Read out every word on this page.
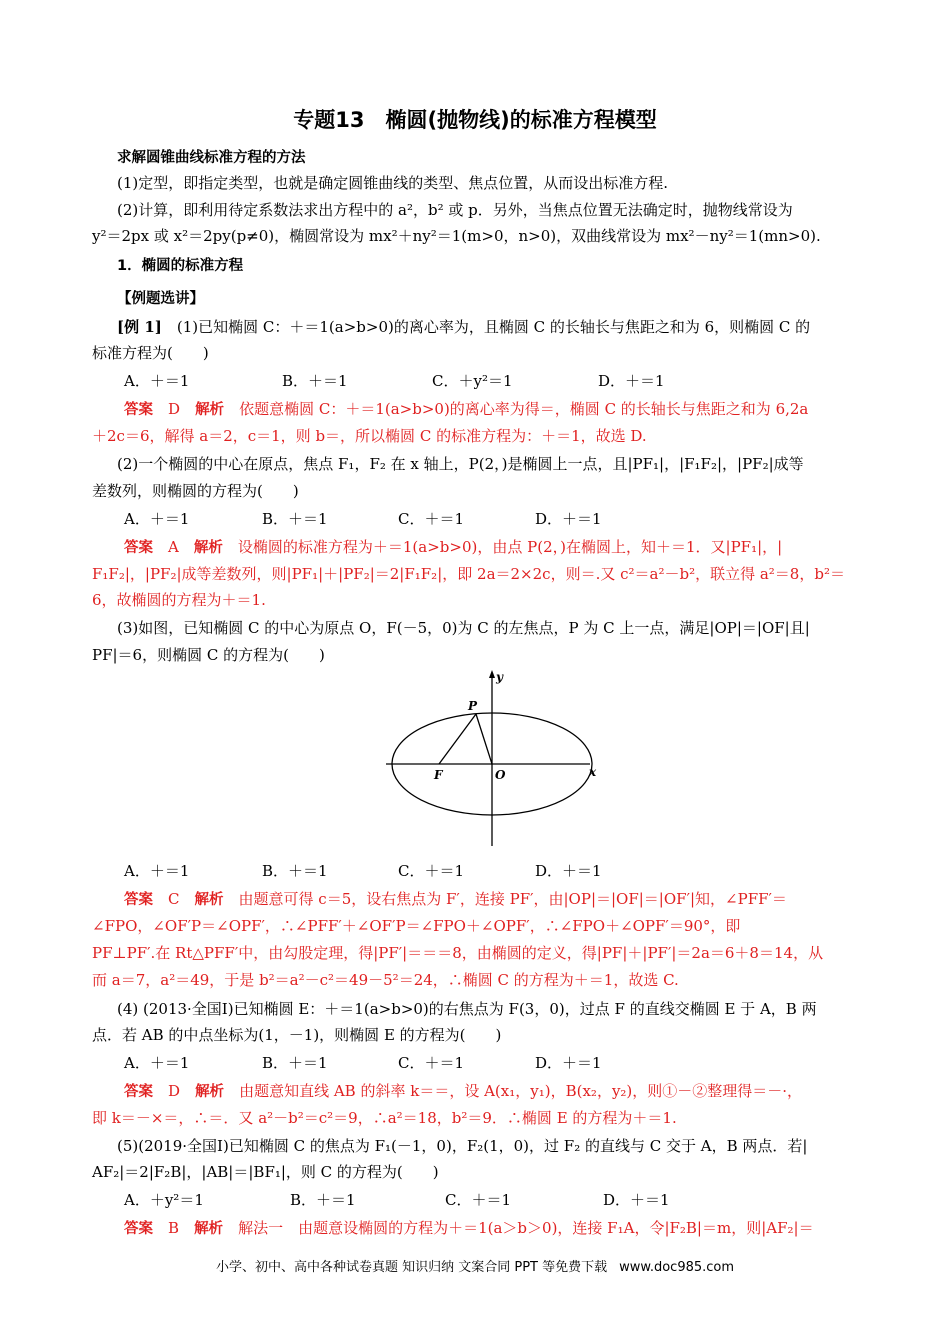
专题13　椭圆(抛物线)的标准方程模型
求解圆锥曲线标准方程的方法
(1)定型，即指定类型，也就是确定圆锥曲线的类型、焦点位置，从而设出标准方程.
(2)计算，即利用待定系数法求出方程中的 a²，b² 或 p．另外，当焦点位置无法确定时，抛物线常设为
y²＝2px 或 x²＝2py(p≠0)，椭圆常设为 mx²＋ny²＝1(m>0，n>0)，双曲线常设为 mx²－ny²＝1(mn>0).
1．椭圆的标准方程
【例题选讲】
[例 1]　 (1)已知椭圆 C：＋＝1(a>b>0)的离心率为，且椭圆 C 的长轴长与焦距之和为 6，则椭圆 C 的
标准方程为(　　)
A．＋＝1	B．＋＝1	C．＋y²＝1	D．＋＝1
答案　 D　 解析　 依题意椭圆 C：＋＝1(a>b>0)的离心率为得＝，椭圆 C 的长轴长与焦距之和为 6,2a
＋2c＝6，解得 a＝2，c＝1，则 b＝，所以椭圆 C 的标准方程为：＋＝1，故选 D.
(2)一个椭圆的中心在原点，焦点 F₁，F₂ 在 x 轴上，P(2，)是椭圆上一点，且|PF₁|，|F₁F₂|，|PF₂|成等
差数列，则椭圆的方程为(　　)
A．＋＝1	B．＋＝1	C．＋＝1	D．＋＝1
答案　 A　 解析　 设椭圆的标准方程为＋＝1(a>b>0)，由点 P(2，)在椭圆上，知＋＝1．又|PF₁|，|
F₁F₂|，|PF₂|成等差数列，则|PF₁|＋|PF₂|＝2|F₁F₂|，即 2a＝2×2c，则＝.又 c²＝a²－b²，联立得 a²＝8，b²＝
6，故椭圆的方程为＋＝1.
(3)如图，已知椭圆 C 的中心为原点 O，F(－5，0)为 C 的左焦点，P 为 C 上一点，满足|OP|＝|OF|且|
PF|＝6，则椭圆 C 的方程为(　　)
y
x
P
F	O
A．＋＝1	B．＋＝1	C．＋＝1	D．＋＝1
答案　 C　 解析　 由题意可得 c＝5，设右焦点为 F′，连接 PF′，由|OP|＝|OF|＝|OF′|知，∠PFF′＝
∠FPO，∠OF′P＝∠OPF′，∴∠PFF′＋∠OF′P＝∠FPO＋∠OPF′，∴∠FPO＋∠OPF′＝90°，即
PF⊥PF′.在 Rt△PFF′中，由勾股定理，得|PF′|＝＝＝8，由椭圆的定义，得|PF|＋|PF′|＝2a＝6＋8＝14，从
而 a＝7，a²＝49，于是 b²＝a²－c²＝49－5²＝24，∴椭圆 C 的方程为＋＝1，故选 C.
(4) (2013·全国Ⅰ)已知椭圆 E：＋＝1(a>b>0)的右焦点为 F(3，0)，过点 F 的直线交椭圆 E 于 A，B 两
点．若 AB 的中点坐标为(1，－1)，则椭圆 E 的方程为(　　)
A．＋＝1	B．＋＝1	C．＋＝1	D．＋＝1
答案　 D　 解析　 由题意知直线 AB 的斜率 k＝＝，设 A(x₁，y₁)，B(x₂，y₂)，则①－②整理得＝－·，
即 k＝－×＝，∴＝．又 a²－b²＝c²＝9，∴a²＝18，b²＝9．∴椭圆 E 的方程为＋＝1.
(5)(2019·全国Ⅰ)已知椭圆 C 的焦点为 F₁(－1，0)，F₂(1，0)，过 F₂ 的直线与 C 交于 A，B 两点．若|
AF₂|＝2|F₂B|，|AB|＝|BF₁|，则 C 的方程为(　　)
A．＋y²＝1	B．＋＝1	C．＋＝1	D．＋＝1
答案　 B　 解析　 解法一　由题意设椭圆的方程为＋＝1(a＞b＞0)，连接 F₁A，令|F₂B|＝m，则|AF₂|＝
小学、初中、高中各种试卷真题 知识归纳 文案合同 PPT 等免费下载 www.doc985.com
